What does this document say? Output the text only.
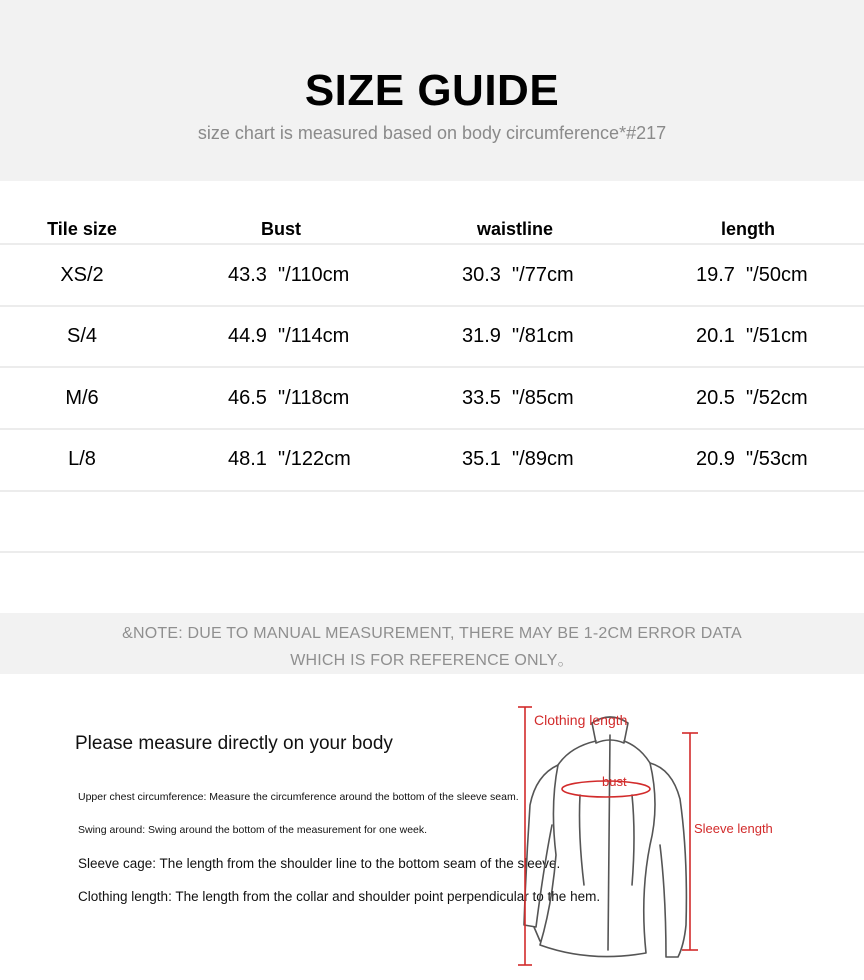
SIZE GUIDE
size chart is measured based on body circumference*#217
Tile size	Bust	waistline	length
XS/2	43.3  "/110cm	30.3  "/77cm	19.7  "/50cm
S/4	44.9  "/114cm	31.9  "/81cm	20.1  "/51cm
M/6	46.5  "/118cm	33.5  "/85cm	20.5  "/52cm
L/8	48.1  "/122cm	35.1  "/89cm	20.9  "/53cm
&NOTE: DUE TO MANUAL MEASUREMENT, THERE MAY BE 1-2CM ERROR DATA
WHICH IS FOR REFERENCE ONLY。
Please measure directly on your body
Upper chest circumference: Measure the circumference around the bottom of the sleeve seam.
Swing around: Swing around the bottom of the measurement for one week.
Sleeve cage: The length from the shoulder line to the bottom seam of the sleeve.
Clothing length: The length from the collar and shoulder point perpendicular to the hem.
Clothing length
bust
Sleeve length
